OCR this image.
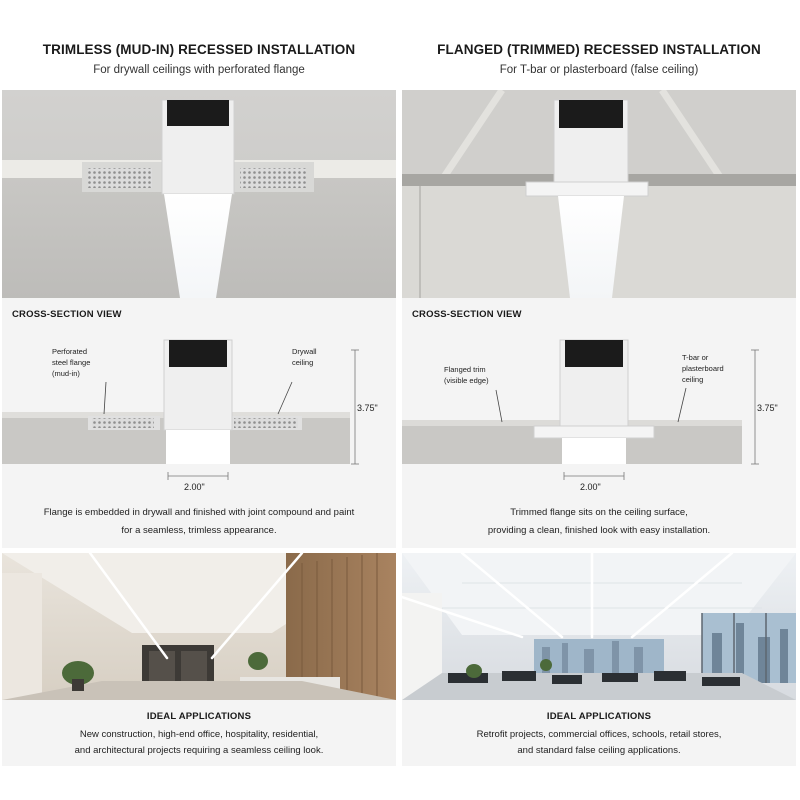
TRIMLESS (MUD-IN) RECESSED INSTALLATION
For drywall ceilings with perforated flange
CROSS-SECTION VIEW
Perforated
steel flange
(mud-in)
Drywall
ceiling
3.75"
2.00"
Flange is embedded in drywall and finished with joint compound and paint
for a seamless, trimless appearance.
IDEAL APPLICATIONS
New construction, high-end office, hospitality, residential,
and architectural projects requiring a seamless ceiling look.
FLANGED (TRIMMED) RECESSED INSTALLATION
For T-bar or plasterboard (false ceiling)
CROSS-SECTION VIEW
Flanged trim
(visible edge)
T-bar or
plasterboard
ceiling
3.75"
2.00"
Trimmed flange sits on the ceiling surface,
providing a clean, finished look with easy installation.
IDEAL APPLICATIONS
Retrofit projects, commercial offices, schools, retail stores,
and standard false ceiling applications.
